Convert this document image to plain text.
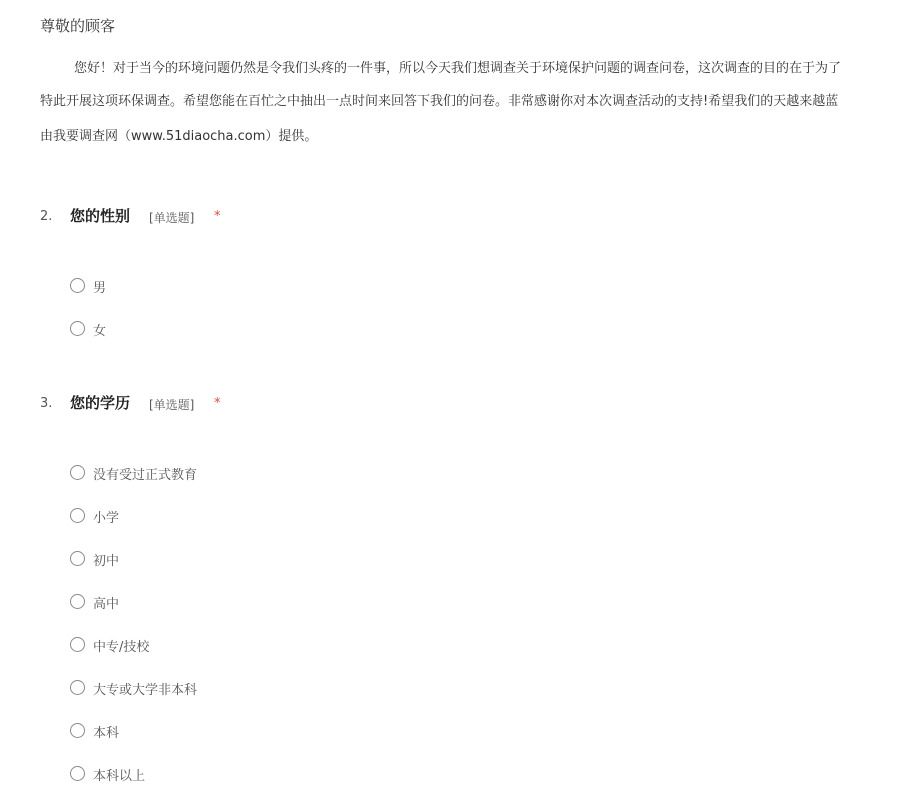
尊敬的顾客
您好！对于当今的环境问题仍然是令我们头疼的一件事，所以今天我们想调查关于环境保护问题的调查问卷，这次调查的目的在于为了
特此开展这项环保调查。希望您能在百忙之中抽出一点时间来回答下我们的问卷。非常感谢你对本次调查活动的支持!希望我们的天越来越蓝
由我要调查网（www.51diaocha.com）提供。
2. 您的性别 [单选题] *
男
女
3. 您的学历 [单选题] *
没有受过正式教育
小学
初中
高中
中专/技校
大专或大学非本科
本科
本科以上
